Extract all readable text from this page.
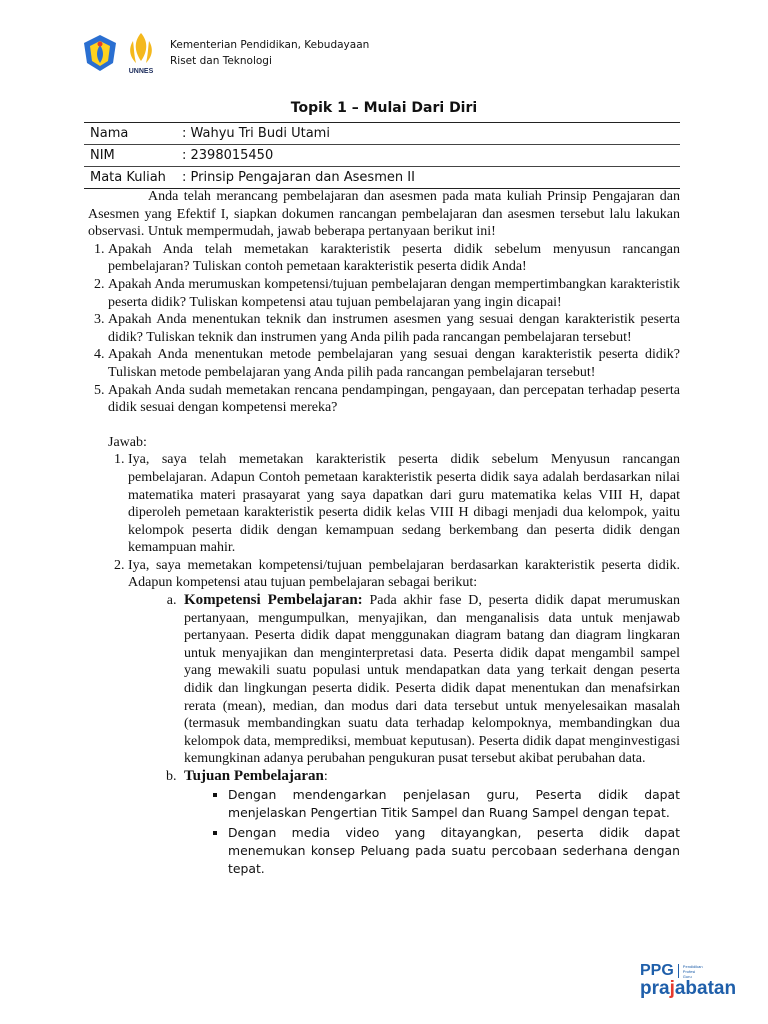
UNNES
Kementerian Pendidikan, Kebudayaan
Riset dan Teknologi
Topik 1 – Mulai Dari Diri
Nama	: Wahyu Tri Budi Utami
NIM	: 2398015450
Mata Kuliah	: Prinsip Pengajaran dan Asesmen II

Anda telah merancang pembelajaran dan asesmen pada mata kuliah Prinsip Pengajaran dan Asesmen yang Efektif I, siapkan dokumen rancangan pembelajaran dan asesmen tersebut lalu lakukan observasi. Untuk mempermudah, jawab beberapa pertanyaan berikut ini!

1. Apakah Anda telah memetakan karakteristik peserta didik sebelum menyusun rancangan pembelajaran? Tuliskan contoh pemetaan karakteristik peserta didik Anda!
2. Apakah Anda merumuskan kompetensi/tujuan pembelajaran dengan mempertimbangkan karakteristik peserta didik? Tuliskan kompetensi atau tujuan pembelajaran yang ingin dicapai!
3. Apakah Anda menentukan teknik dan instrumen asesmen yang sesuai dengan karakteristik peserta didik? Tuliskan teknik dan instrumen yang Anda pilih pada rancangan pembelajaran tersebut!
4. Apakah Anda menentukan metode pembelajaran yang sesuai dengan karakteristik peserta didik? Tuliskan metode pembelajaran yang Anda pilih pada rancangan pembelajaran tersebut!
5. Apakah Anda sudah memetakan rencana pendampingan, pengayaan, dan percepatan terhadap peserta didik sesuai dengan kompetensi mereka?

Jawab:

1. Iya, saya telah memetakan karakteristik peserta didik sebelum Menyusun rancangan pembelajaran. Adapun Contoh pemetaan karakteristik peserta didik saya adalah berdasarkan nilai matematika materi prasayarat yang saya dapatkan dari guru matematika kelas VIII H, dapat diperoleh pemetaan karakteristik peserta didik kelas VIII H dibagi menjadi dua kelompok, yaitu kelompok peserta didik dengan kemampuan sedang berkembang dan peserta didik dengan kemampuan mahir.
2. Iya, saya memetakan kompetensi/tujuan pembelajaran berdasarkan karakteristik peserta didik. Adapun kompetensi atau tujuan pembelajaran sebagai berikut:
a. Kompetensi Pembelajaran: Pada akhir fase D, peserta didik dapat merumuskan pertanyaan, mengumpulkan, menyajikan, dan menganalisis data untuk menjawab pertanyaan. Peserta didik dapat menggunakan diagram batang dan diagram lingkaran untuk menyajikan dan menginterpretasi data. Peserta didik dapat mengambil sampel yang mewakili suatu populasi untuk mendapatkan data yang terkait dengan peserta didik dan lingkungan peserta didik. Peserta didik dapat menentukan dan menafsirkan rerata (mean), median, dan modus dari data tersebut untuk menyelesaikan masalah (termasuk membandingkan suatu data terhadap kelompoknya, membandingkan dua kelompok data, memprediksi, membuat keputusan). Peserta didik dapat menginvestigasi kemungkinan adanya perubahan pengukuran pusat tersebut akibat perubahan data.
b. Tujuan Pembelajaran:
▪ Dengan mendengarkan penjelasan guru, Peserta didik dapat menjelaskan Pengertian Titik Sampel dan Ruang Sampel dengan tepat.
▪ Dengan media video yang ditayangkan, peserta didik dapat menemukan konsep Peluang pada suatu percobaan sederhana dengan tepat.
PPG Pendidikan
Profesi
Guru
prajabatan
